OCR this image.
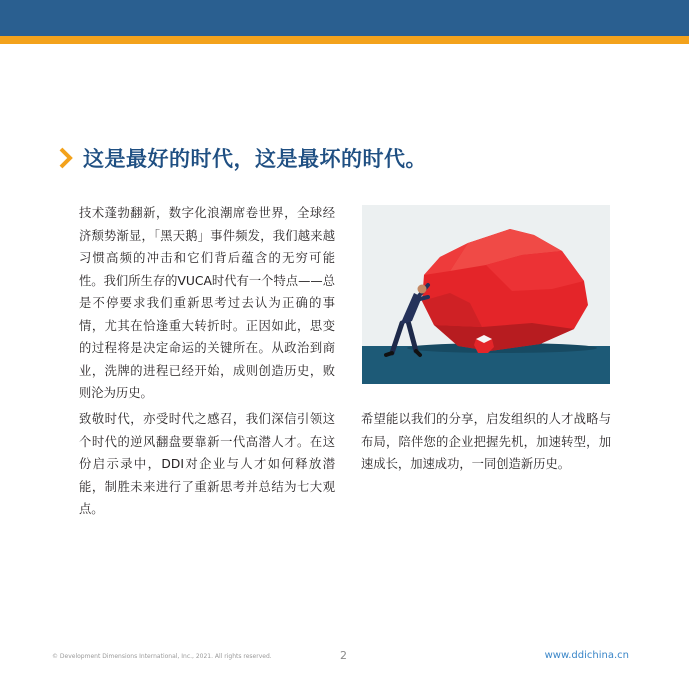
这是最好的时代，这是最坏的时代。

技术蓬勃翻新，数字化浪潮席卷世界，全球经济颓势渐显，「黑天鹅」事件频发，我们越来越习惯高频的冲击和它们背后蕴含的无穷可能性。我们所生存的VUCA时代有一个特点——总是不停要求我们重新思考过去认为正确的事情，尤其在恰逢重大转折时。正因如此，思变的过程将是决定命运的关键所在。从政治到商业，洗牌的进程已经开始，成则创造历史，败则沦为历史。

致敬时代，亦受时代之感召，我们深信引领这个时代的逆风翻盘要靠新一代高潜人才。在这份启示录中，DDI对企业与人才如何释放潜能，制胜未来进行了重新思考并总结为七大观点。

希望能以我们的分享，启发组织的人才战略与布局，陪伴您的企业把握先机，加速转型，加速成长，加速成功，一同创造新历史。

© Development Dimensions International, Inc., 2021. All rights reserved.	2	www.ddichina.cn
